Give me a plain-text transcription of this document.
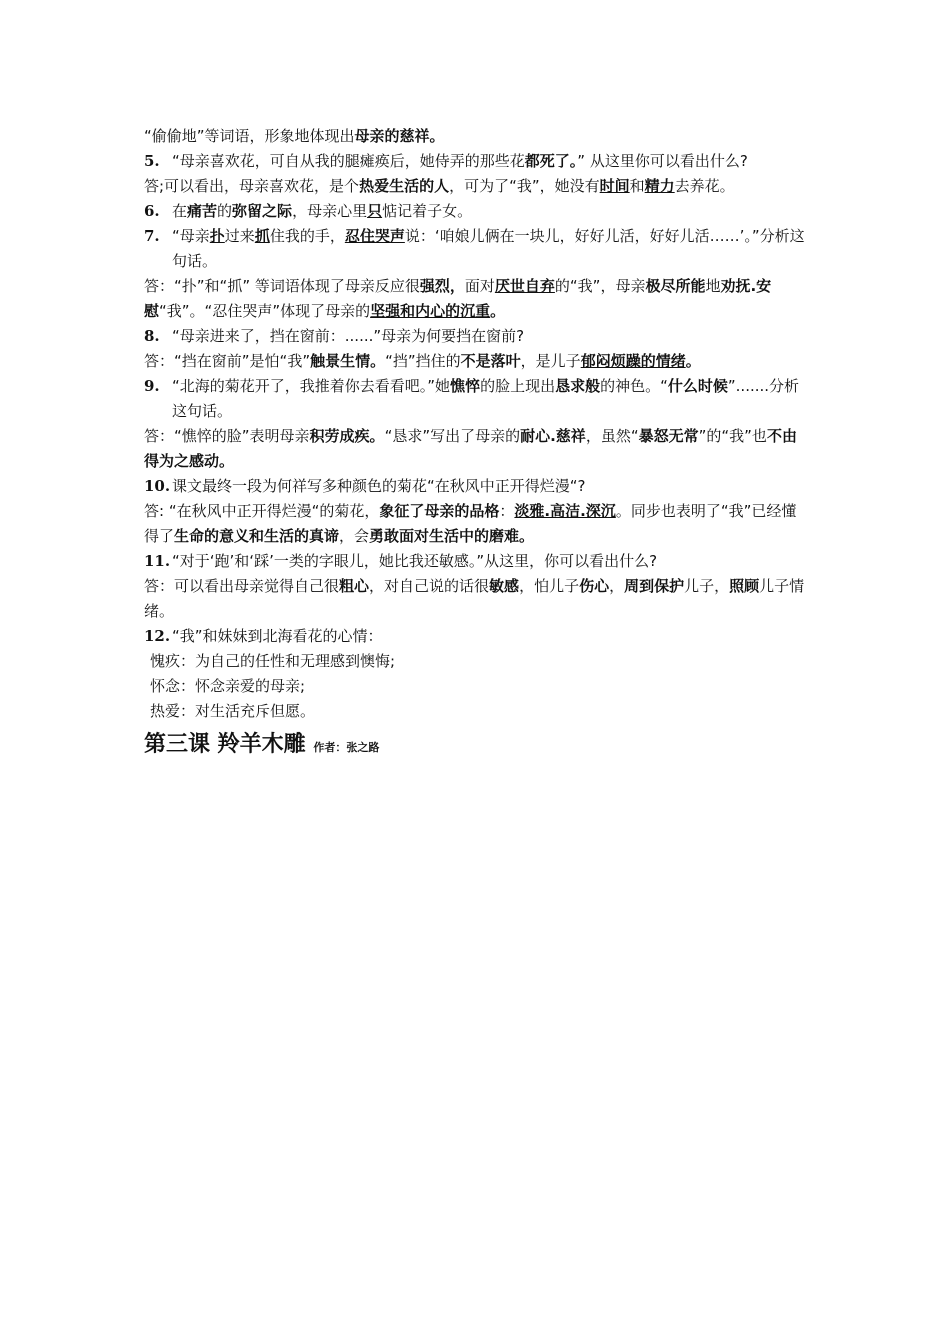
“偷偷地”等词语，形象地体现出母亲的慈祥。
5. “母亲喜欢花，可自从我的腿瘫痪后，她侍弄的那些花都死了。” 从这里你可以看出什么?
答;可以看出，母亲喜欢花，是个热爱生活的人，可为了“我”，她没有时间和精力去养花。
6. 在痛苦的弥留之际，母亲心里只惦记着子女。
7. “母亲扑过来抓住我的手，忍住哭声说：‘咱娘儿俩在一块儿，好好儿活，好好儿活……’。”分析这句话。
答：“扑”和“抓” 等词语体现了母亲反应很强烈，面对厌世自弃的“我”，母亲极尽所能地劝抚.安慰“我”。“忍住哭声”体现了母亲的坚强和内心的沉重。
8. “母亲进来了，挡在窗前：......”母亲为何要挡在窗前?
答：“挡在窗前”是怕“我”触景生情。“挡”挡住的不是落叶，是儿子郁闷烦躁的情绪。
9. “北海的菊花开了，我推着你去看看吧。”她憔悴的脸上现出恳求般的神色。“什么时候”.......分析这句话。
答：“憔悴的脸”表明母亲积劳成疾。“恳求”写出了母亲的耐心.慈祥，虽然“暴怒无常”的“我”也不由得为之感动。
10. 课文最终一段为何祥写多种颜色的菊花“在秋风中正开得烂漫“?
答: “在秋风中正开得烂漫“的菊花，象征了母亲的品格：淡雅.高洁.深沉。同步也表明了“我”已经懂得了生命的意义和生活的真谛，会勇敢面对生活中的磨难。
11. “对于‘跑’和‘踩’一类的字眼儿，她比我还敏感。”从这里，你可以看出什么?
答：可以看出母亲觉得自己很粗心，对自己说的话很敏感，怕儿子伤心，周到保护儿子，照顾儿子情绪。
12. “我”和妹妹到北海看花的心情：
愧疚：为自己的任性和无理感到懊悔;
怀念：怀念亲爱的母亲;
热爱：对生活充斥但愿。
第三课 羚羊木雕 作者：张之路
